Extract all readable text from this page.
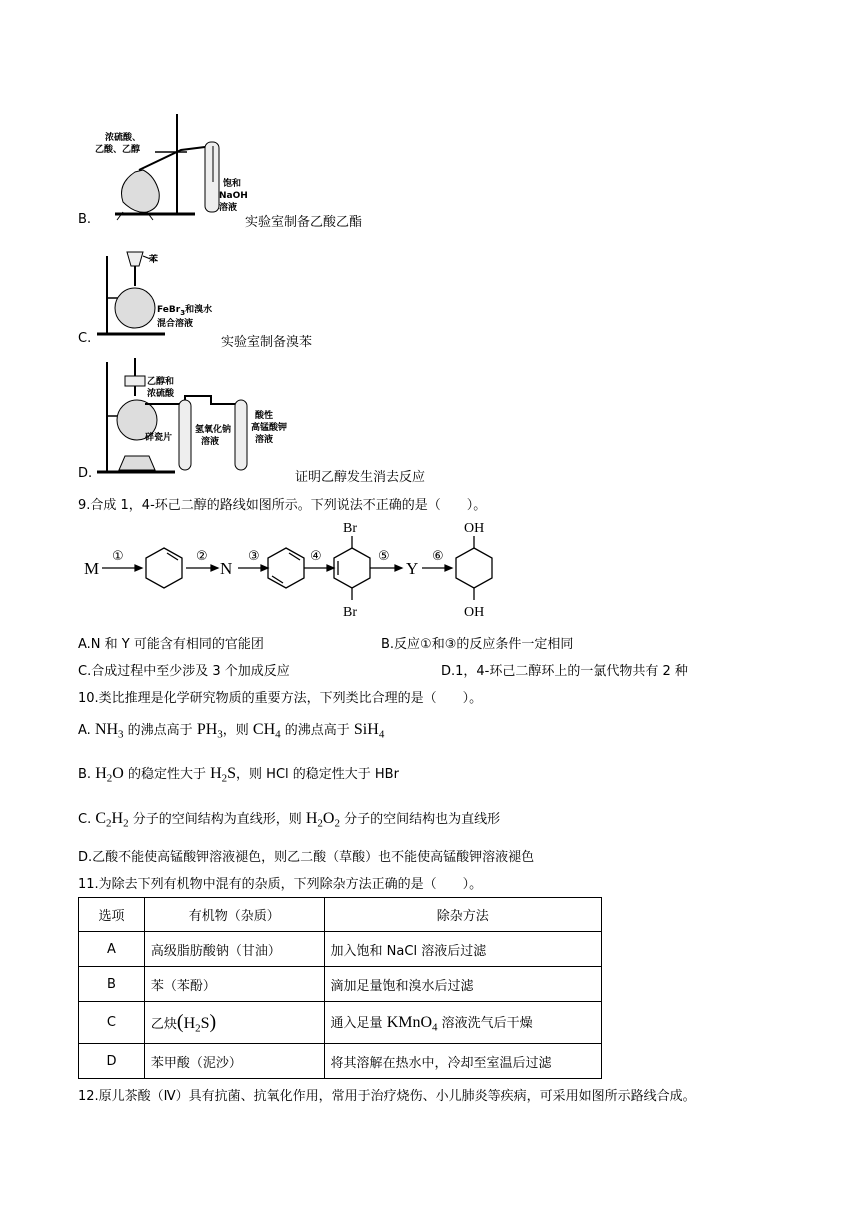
B.
浓硫酸、
乙酸、乙醇
饱和
NaOH
溶液
实验室制备乙酸乙酯
C.
苯
FeBr$_3$和溴水
混合溶液
实验室制备溴苯
D.
乙醇和
浓硫酸
碎瓷片
氢氧化钠
溶液
酸性
高锰酸钾
溶液
证明乙醇发生消去反应
9.合成 1，4-环己二醇的路线如图所示。下列说法不正确的是（　　）。
M	N	Y
①	②	③	④	⑤	⑥
Br
Br
OH
OH
A.N 和 Y 可能含有相同的官能团	B.反应①和③的反应条件一定相同
C.合成过程中至少涉及 3 个加成反应	D.1，4-环己二醇环上的一氯代物共有 2 种
10.类比推理是化学研究物质的重要方法，下列类比合理的是（　　）。
A. $NH_3$ 的沸点高于 $PH_3$，则 $CH_4$ 的沸点高于 SiH$_4$
B. $H_2O$ 的稳定性大于 $H_2S$，则 HCl 的稳定性大于 HBr
C. $C_2H_2$ 分子的空间结构为直线形，则 $H_2O_2$ 分子的空间结构也为直线形
D.乙酸不能使高锰酸钾溶液褪色，则乙二酸（草酸）也不能使高锰酸钾溶液褪色
11.为除去下列有机物中混有的杂质，下列除杂方法正确的是（　　）。
选项	有机物（杂质）	除杂方法
A	高级脂肪酸钠（甘油）	加入饱和 NaCl 溶液后过滤
B	苯（苯酚）	滴加足量饱和溴水后过滤
C	乙炔$(H_2S)$	通入足量 KMnO$_4$ 溶液洗气后干燥
D	苯甲酸（泥沙）	将其溶解在热水中，冷却至室温后过滤
12.原儿茶酸（Ⅳ）具有抗菌、抗氧化作用，常用于治疗烧伤、小儿肺炎等疾病，可采用如图所示路线合成。
